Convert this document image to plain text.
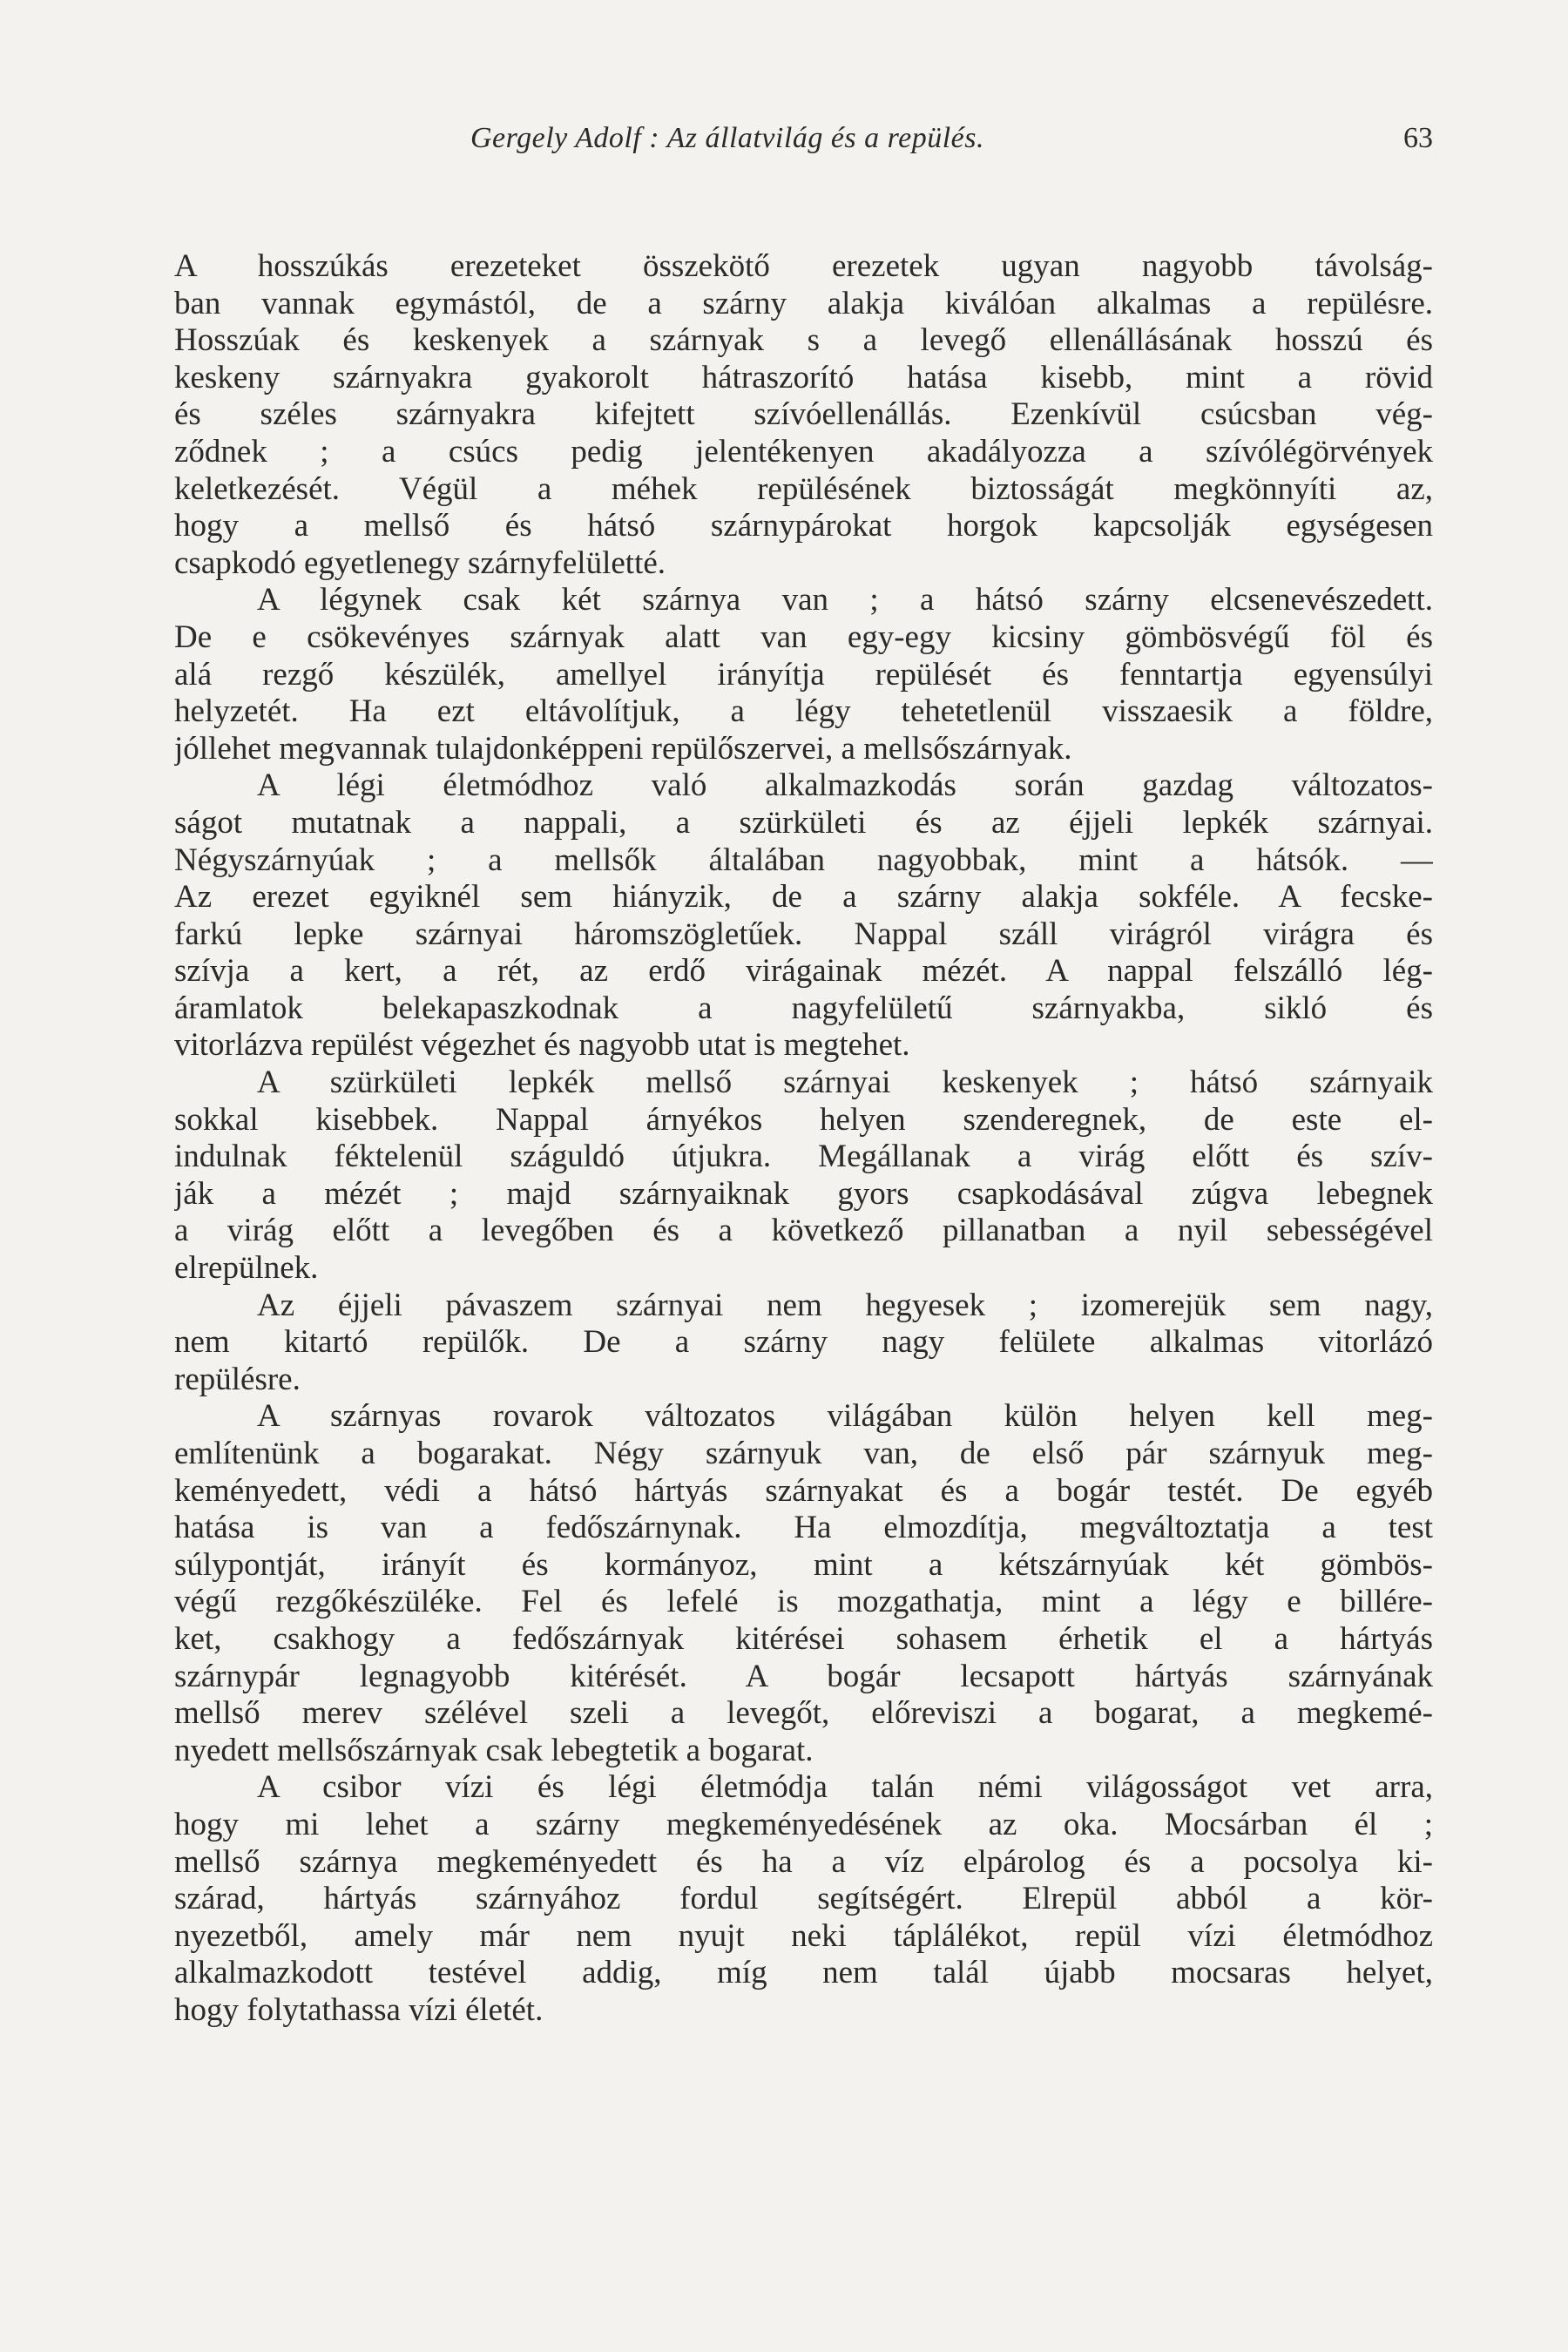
Gergely Adolf : Az állatvilág és a repülés.	63
A hosszúkás erezeteket összekötő erezetek ugyan nagyobb távolság-
ban vannak egymástól, de a szárny alakja kiválóan alkalmas a repülésre.
Hosszúak és keskenyek a szárnyak s a levegő ellenállásának hosszú és
keskeny szárnyakra gyakorolt hátraszorító hatása kisebb, mint a rövid
és széles szárnyakra kifejtett szívóellenállás. Ezenkívül csúcsban vég-
ződnek ; a csúcs pedig jelentékenyen akadályozza a szívólégörvények
keletkezését. Végül a méhek repülésének biztosságát megkönnyíti az,
hogy a mellső és hátsó szárnypárokat horgok kapcsolják egységesen
csapkodó egyetlenegy szárnyfelületté.
A légynek csak két szárnya van ; a hátsó szárny elcsenevészedett.
De e csökevényes szárnyak alatt van egy-egy kicsiny gömbösvégű föl és
alá rezgő készülék, amellyel irányítja repülését és fenntartja egyensúlyi
helyzetét. Ha ezt eltávolítjuk, a légy tehetetlenül visszaesik a földre,
jóllehet megvannak tulajdonképpeni repülőszervei, a mellsőszárnyak.
A légi életmódhoz való alkalmazkodás során gazdag változatos-
ságot mutatnak a nappali, a szürkületi és az éjjeli lepkék szárnyai.
Négyszárnyúak ; a mellsők általában nagyobbak, mint a hátsók. —
Az erezet egyiknél sem hiányzik, de a szárny alakja sokféle. A fecske-
farkú lepke szárnyai háromszögletűek. Nappal száll virágról virágra és
szívja a kert, a rét, az erdő virágainak mézét. A nappal felszálló lég-
áramlatok belekapaszkodnak a nagyfelületű szárnyakba, sikló és
vitorlázva repülést végezhet és nagyobb utat is megtehet.
A szürkületi lepkék mellső szárnyai keskenyek ; hátsó szárnyaik
sokkal kisebbek. Nappal árnyékos helyen szenderegnek, de este el-
indulnak féktelenül száguldó útjukra. Megállanak a virág előtt és szív-
ják a mézét ; majd szárnyaiknak gyors csapkodásával zúgva lebegnek
a virág előtt a levegőben és a következő pillanatban a nyil sebességével
elrepülnek.
Az éjjeli pávaszem szárnyai nem hegyesek ; izomerejük sem nagy,
nem kitartó repülők. De a szárny nagy felülete alkalmas vitorlázó
repülésre.
A szárnyas rovarok változatos világában külön helyen kell meg-
említenünk a bogarakat. Négy szárnyuk van, de első pár szárnyuk meg-
keményedett, védi a hátsó hártyás szárnyakat és a bogár testét. De egyéb
hatása is van a fedőszárnynak. Ha elmozdítja, megváltoztatja a test
súlypontját, irányít és kormányoz, mint a kétszárnyúak két gömbös-
végű rezgőkészüléke. Fel és lefelé is mozgathatja, mint a légy e billére-
ket, csakhogy a fedőszárnyak kitérései sohasem érhetik el a hártyás
szárnypár legnagyobb kitérését. A bogár lecsapott hártyás szárnyának
mellső merev szélével szeli a levegőt, előreviszi a bogarat, a megkemé-
nyedett mellsőszárnyak csak lebegtetik a bogarat.
A csibor vízi és légi életmódja talán némi világosságot vet arra,
hogy mi lehet a szárny megkeményedésének az oka. Mocsárban él ;
mellső szárnya megkeményedett és ha a víz elpárolog és a pocsolya ki-
szárad, hártyás szárnyához fordul segítségért. Elrepül abból a kör-
nyezetből, amely már nem nyujt neki táplálékot, repül vízi életmódhoz
alkalmazkodott testével addig, míg nem talál újabb mocsaras helyet,
hogy folytathassa vízi életét.
